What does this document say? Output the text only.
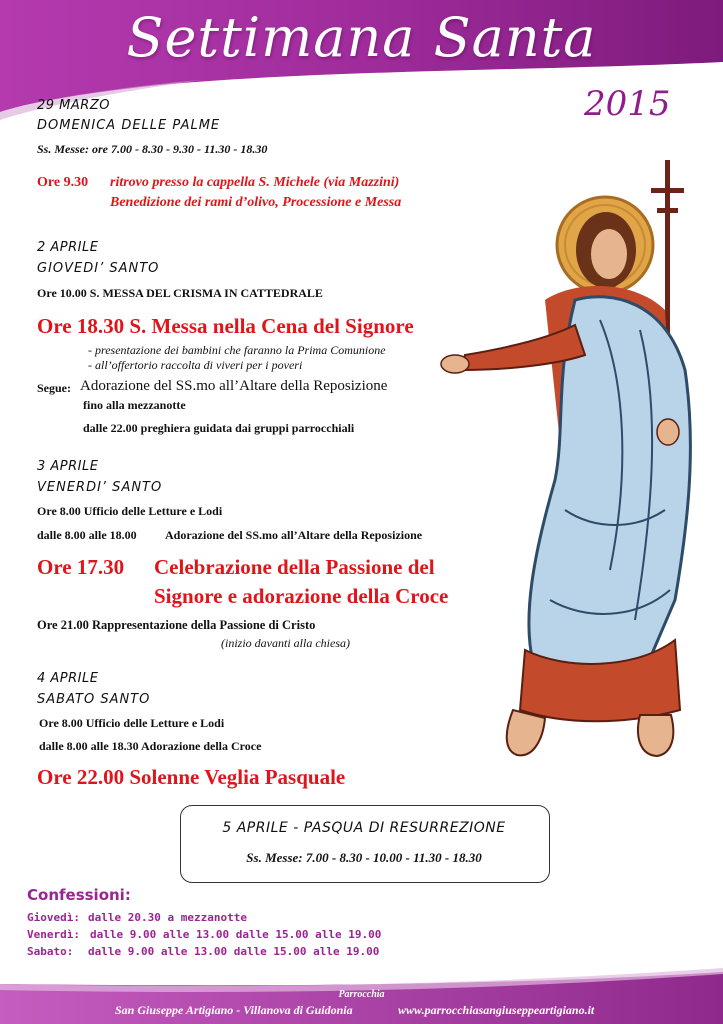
Settimana Santa
2015
29 MARZO
DOMENICA DELLE PALME
Ss. Messe: ore 7.00 - 8.30 - 9.30 - 11.30 - 18.30
Ore 9.30 ritrovo presso la cappella S. Michele (via Mazzini)
Benedizione dei rami d’olivo, Processione e Messa
2 APRILE
GIOVEDI’ SANTO
Ore 10.00 S. MESSA DEL CRISMA IN CATTEDRALE
Ore 18.30 S. Messa nella Cena del Signore
- presentazione dei bambini che faranno la Prima Comunione
- all’offertorio raccolta di viveri per i poveri
Segue: Adorazione del SS.mo all’Altare della Reposizione
fino alla mezzanotte
dalle 22.00 preghiera guidata dai gruppi parrocchiali
3 APRILE
VENERDI’ SANTO
Ore 8.00 Ufficio delle Letture e Lodi
dalle 8.00 alle 18.00 Adorazione del SS.mo all’Altare della Reposizione
Ore 17.30 Celebrazione della Passione del
Signore e adorazione della Croce
Ore 21.00 Rappresentazione della Passione di Cristo
(inizio davanti alla chiesa)
4 APRILE
SABATO SANTO
Ore 8.00 Ufficio delle Letture e Lodi
dalle 8.00 alle 18.30 Adorazione della Croce
Ore 22.00 Solenne Veglia Pasquale
5 APRILE - PASQUA DI RESURREZIONE
Ss. Messe: 7.00 - 8.30 - 10.00 - 11.30 - 18.30
Confessioni:
Giovedì: dalle 20.30 a mezzanotte
Venerdì: dalle 9.00 alle 13.00 dalle 15.00 alle 19.00
Sabato: dalle 9.00 alle 13.00 dalle 15.00 alle 19.00
Parrocchia
San Giuseppe Artigiano - Villanova di Guidonia	www.parrocchiasangiuseppeartigiano.it
